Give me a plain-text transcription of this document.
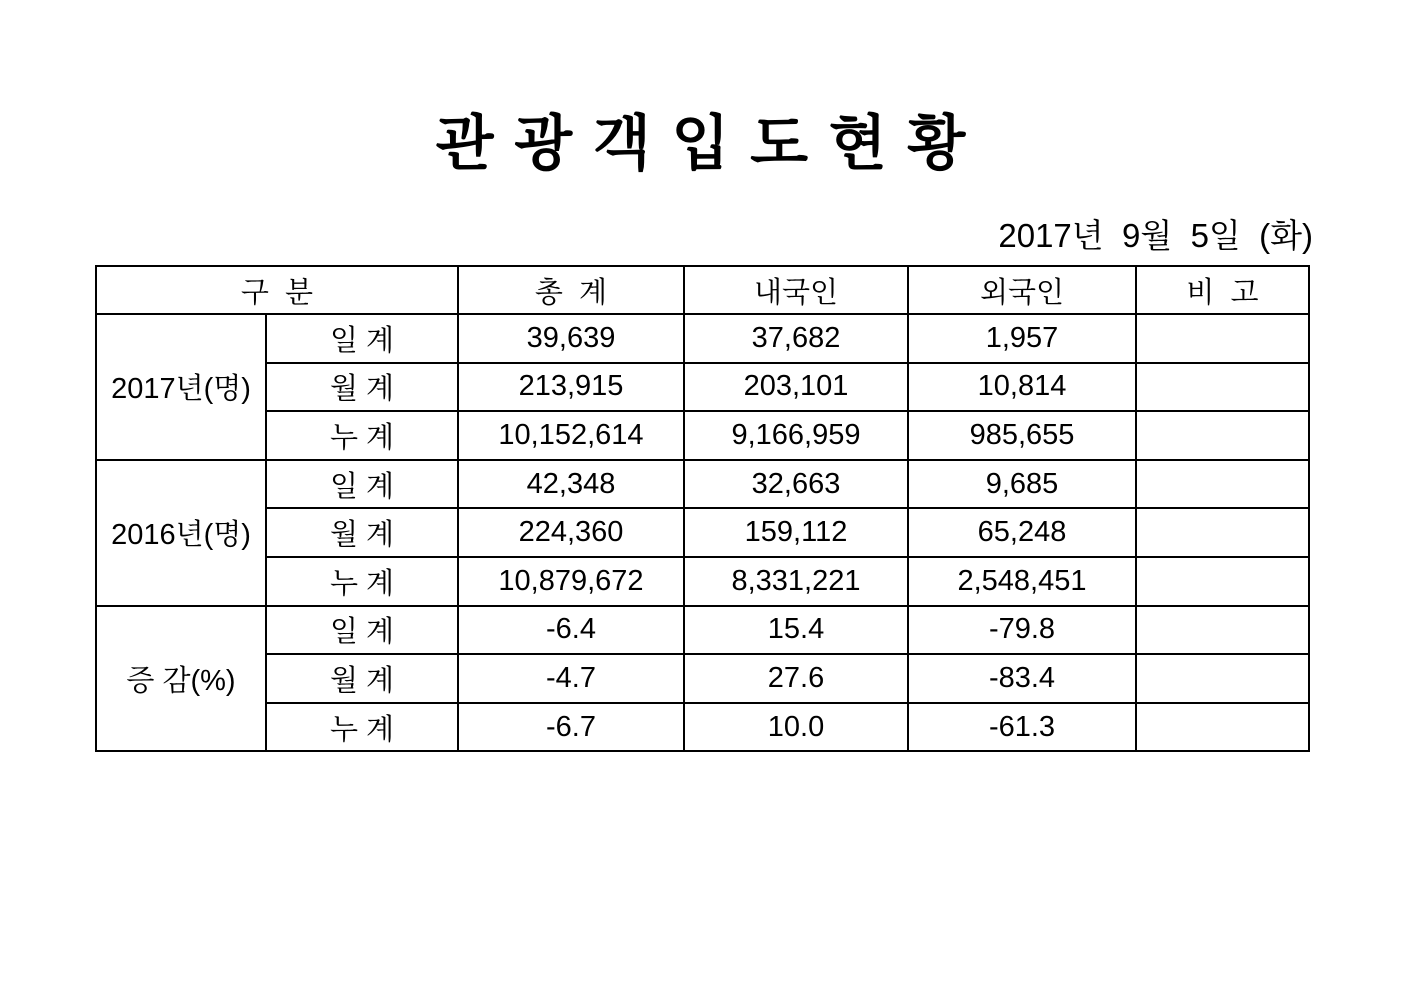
관 광 객 입 도 현 황
2017년  9월  5일  (화)
구  분		총  계	내국인	외국인	비  고
2017년(명)	일 계	39,639	37,682	1,957	
	월 계	213,915	203,101	10,814	
	누 계	10,152,614	9,166,959	985,655	
2016년(명)	일 계	42,348	32,663	9,685	
	월 계	224,360	159,112	65,248	
	누 계	10,879,672	8,331,221	2,548,451	
증 감(%)	일 계	-6.4	15.4	-79.8	
	월 계	-4.7	27.6	-83.4	
	누 계	-6.7	10.0	-61.3	
